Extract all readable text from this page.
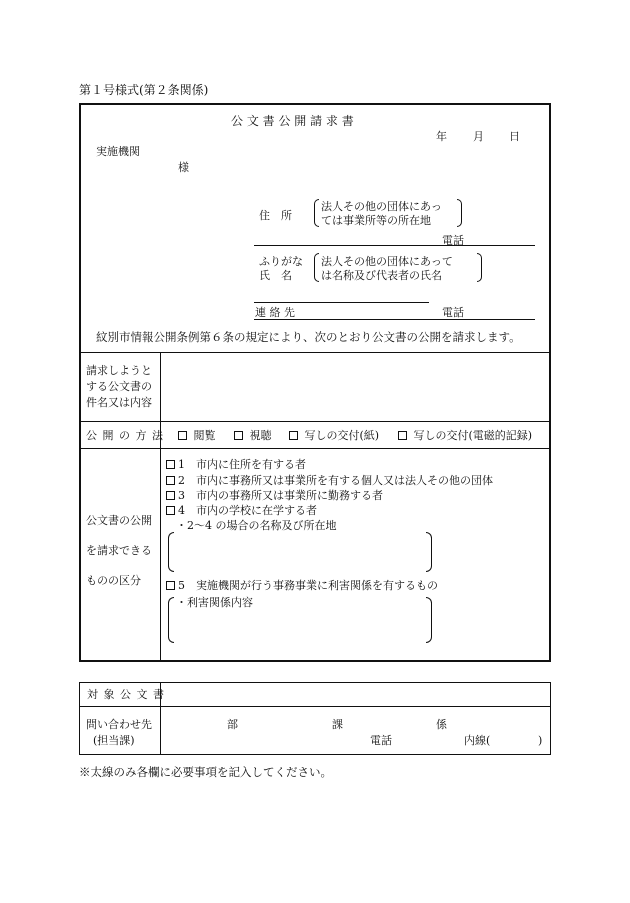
第１号様式(第２条関係)
公 文 書 公 開 請 求 書
年 月 日
実施機関
様
住　所
法人その他の団体にあっ
ては事業所等の所在地
電話
ふりがな
氏　名
法人その他の団体にあって
は名称及び代表者の氏名
連 絡 先	電話
紋別市情報公開条例第６条の規定により、次のとおり公文書の公開を請求します。
請求しようと
する公文書の
件名又は内容
公開の方法	閲覧	視聴	写しの交付(紙)	写しの交付(電磁的記録)
公文書の公開
を請求できる
ものの区分
1　市内に住所を有する者
2　市内に事務所又は事業所を有する個人又は法人その他の団体
3　市内の事務所又は事業所に勤務する者
4　市内の学校に在学する者
・2〜4 の場合の名称及び所在地
5　実施機関が行う事務事業に利害関係を有するもの
・利害関係内容
対象公文書
問い合わせ先
(担当課)
部	課	係
電話	内線(	)
※太線のみ各欄に必要事項を記入してください。
